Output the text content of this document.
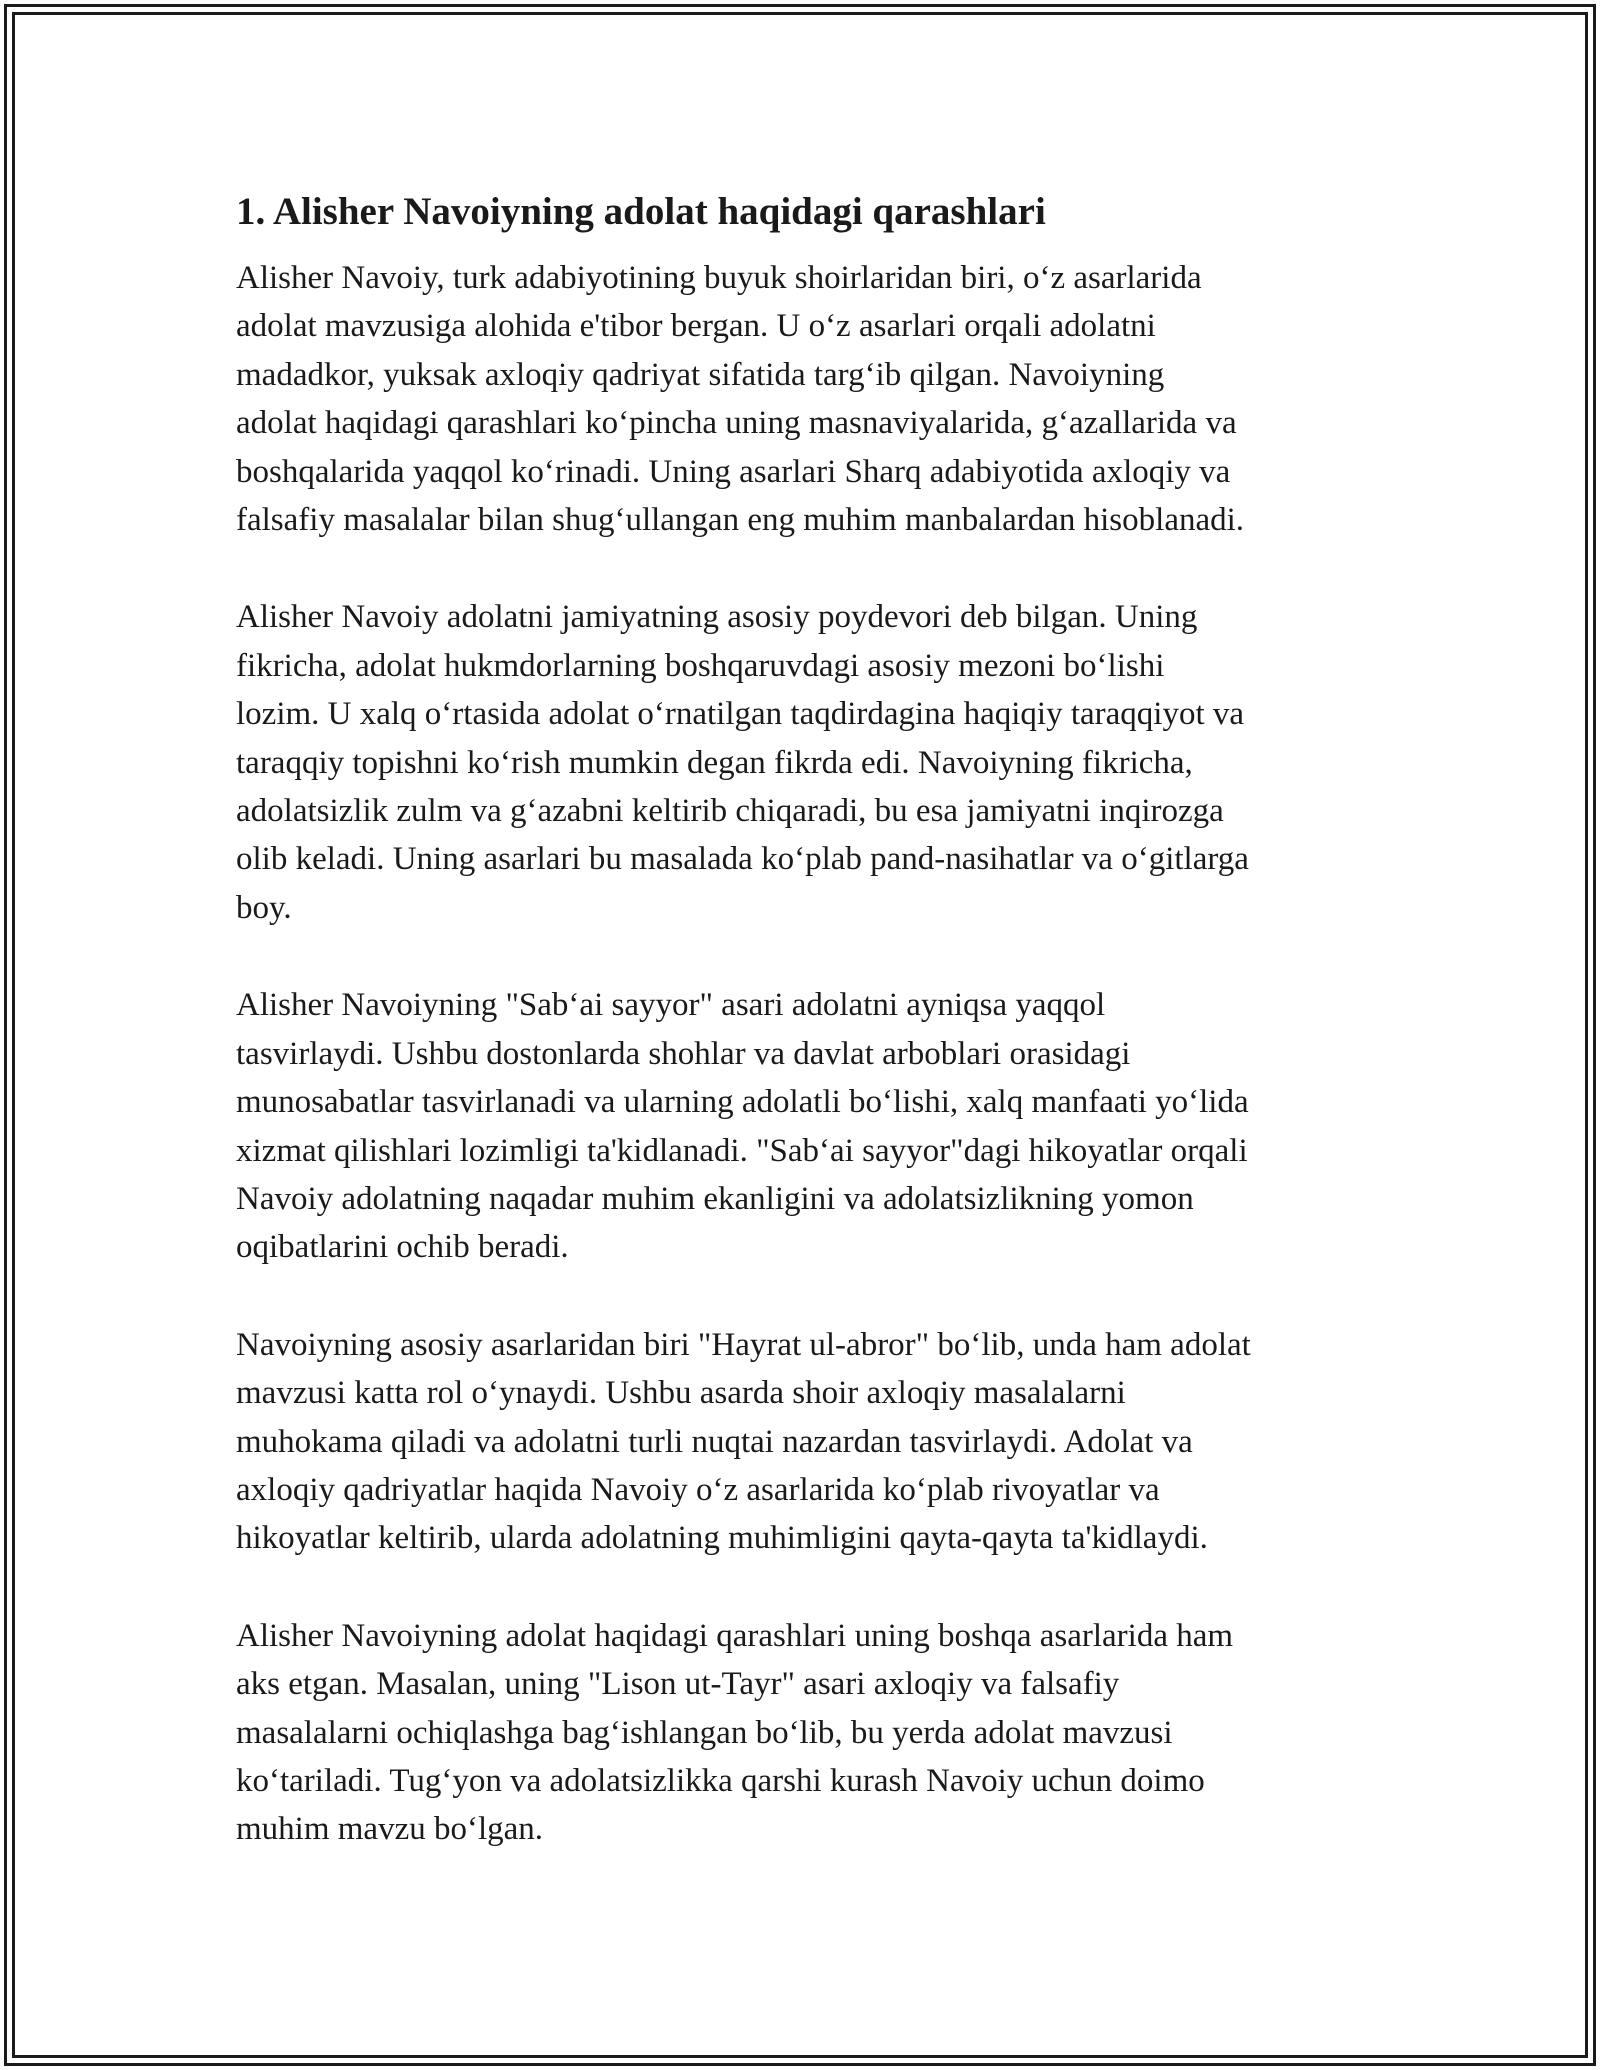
1. Alisher Navoiyning adolat haqidagi qarashlari
Alisher Navoiy, turk adabiyotining buyuk shoirlaridan biri, o‘z asarlarida
adolat mavzusiga alohida e'tibor bergan. U o‘z asarlari orqali adolatni
madadkor, yuksak axloqiy qadriyat sifatida targ‘ib qilgan. Navoiyning
adolat haqidagi qarashlari ko‘pincha uning masnaviyalarida, g‘azallarida va
boshqalarida yaqqol ko‘rinadi. Uning asarlari Sharq adabiyotida axloqiy va
falsafiy masalalar bilan shug‘ullangan eng muhim manbalardan hisoblanadi.
Alisher Navoiy adolatni jamiyatning asosiy poydevori deb bilgan. Uning
fikricha, adolat hukmdorlarning boshqaruvdagi asosiy mezoni bo‘lishi
lozim. U xalq o‘rtasida adolat o‘rnatilgan taqdirdagina haqiqiy taraqqiyot va
taraqqiy topishni ko‘rish mumkin degan fikrda edi. Navoiyning fikricha,
adolatsizlik zulm va g‘azabni keltirib chiqaradi, bu esa jamiyatni inqirozga
olib keladi. Uning asarlari bu masalada ko‘plab pand-nasihatlar va o‘gitlarga
boy.
Alisher Navoiyning "Sab‘ai sayyor" asari adolatni ayniqsa yaqqol
tasvirlaydi. Ushbu dostonlarda shohlar va davlat arboblari orasidagi
munosabatlar tasvirlanadi va ularning adolatli bo‘lishi, xalq manfaati yo‘lida
xizmat qilishlari lozimligi ta'kidlanadi. "Sab‘ai sayyor"dagi hikoyatlar orqali
Navoiy adolatning naqadar muhim ekanligini va adolatsizlikning yomon
oqibatlarini ochib beradi.
Navoiyning asosiy asarlaridan biri "Hayrat ul-abror" bo‘lib, unda ham adolat
mavzusi katta rol o‘ynaydi. Ushbu asarda shoir axloqiy masalalarni
muhokama qiladi va adolatni turli nuqtai nazardan tasvirlaydi. Adolat va
axloqiy qadriyatlar haqida Navoiy o‘z asarlarida ko‘plab rivoyatlar va
hikoyatlar keltirib, ularda adolatning muhimligini qayta-qayta ta'kidlaydi.
Alisher Navoiyning adolat haqidagi qarashlari uning boshqa asarlarida ham
aks etgan. Masalan, uning "Lison ut-Tayr" asari axloqiy va falsafiy
masalalarni ochiqlashga bag‘ishlangan bo‘lib, bu yerda adolat mavzusi
ko‘tariladi. Tug‘yon va adolatsizlikka qarshi kurash Navoiy uchun doimo
muhim mavzu bo‘lgan.
